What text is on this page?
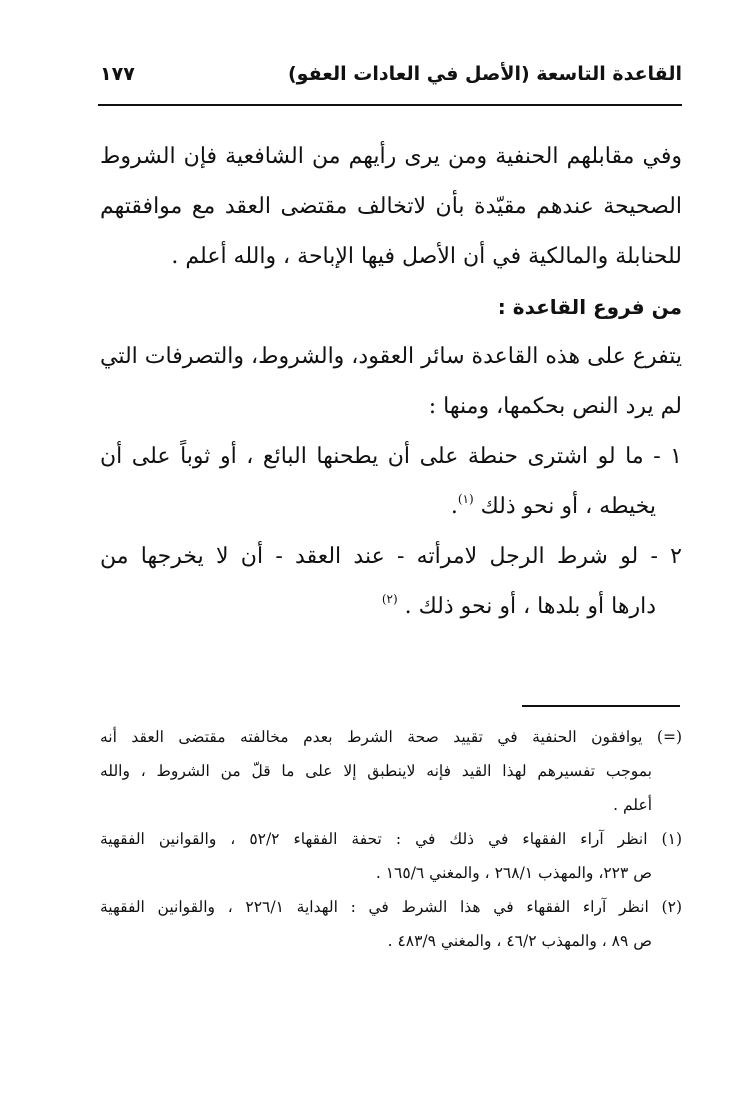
القاعدة التاسعة (الأصل في العادات العفو)
١٧٧
وفي مقابلهم الحنفية ومن يرى رأيهم من الشافعية فإن الشروط
الصحيحة عندهم مقيّدة بأن لاتخالف مقتضى العقد مع موافقتهم
للحنابلة والمالكية في أن الأصل فيها الإباحة ، والله أعلم .
من فروع القاعدة :
يتفرع على هذه القاعدة سائر العقود، والشروط، والتصرفات التي
لم يرد النص بحكمها، ومنها :
١ - ما لو اشترى حنطة على أن يطحنها البائع ، أو ثوباً على أن
يخيطه ، أو نحو ذلك $^{(١)}$.
٢ - لو شرط الرجل لامرأته - عند العقد - أن لا يخرجها من
دارها أو بلدها ، أو نحو ذلك . $^{(٢)}$
(=) يوافقون الحنفية في تقييد صحة الشرط بعدم مخالفته مقتضى العقد أنه
بموجب تفسيرهم لهذا القيد فإنه لاينطبق إلا على ما قلّ من الشروط ، والله
أعلم .
(١) انظر آراء الفقهاء في ذلك في : تحفة الفقهاء ٥٢/٢ ، والقوانين الفقهية
ص ٢٢٣، والمهذب ٢٦٨/١ ، والمغني ١٦٥/٦ .
(٢) انظر آراء الفقهاء في هذا الشرط في : الهداية ٢٢٦/١ ، والقوانين الفقهية
ص ٨٩ ، والمهذب ٤٦/٢ ، والمغني ٤٨٣/٩ .
